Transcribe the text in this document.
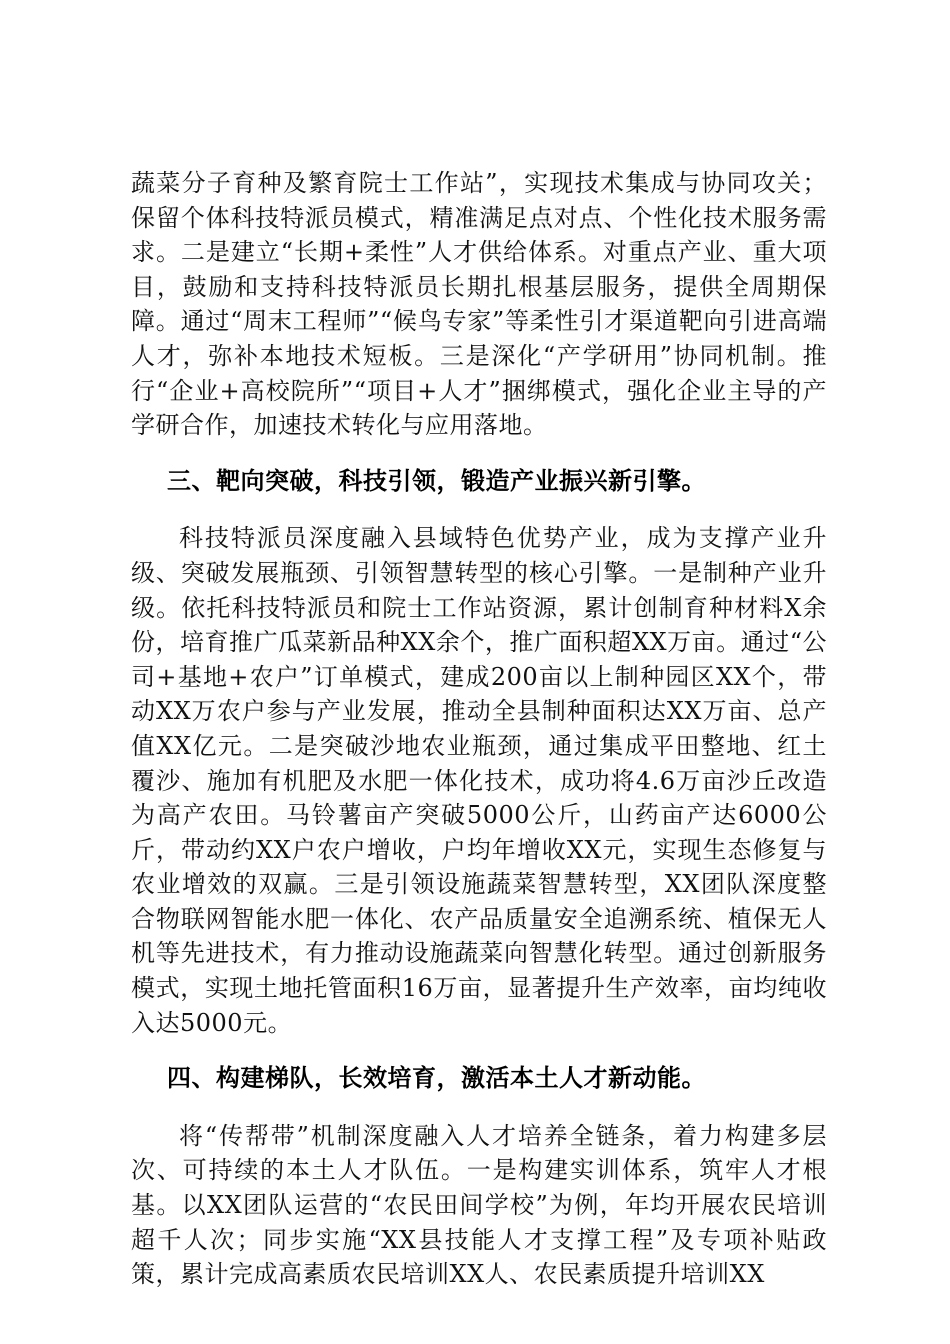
蔬菜分子育种及繁育院士工作站”，实现技术集成与协同攻关；保留个体科技特派员模式，精准满足点对点、个性化技术服务需求。二是建立“长期+柔性”人才供给体系。对重点产业、重大项目，鼓励和支持科技特派员长期扎根基层服务，提供全周期保障。通过“周末工程师”“候鸟专家”等柔性引才渠道靶向引进高端人才，弥补本地技术短板。三是深化“产学研用”协同机制。推行“企业+高校院所”“项目+人才”捆绑模式，强化企业主导的产学研合作，加速技术转化与应用落地。

三、靶向突破，科技引领，锻造产业振兴新引擎。

科技特派员深度融入县域特色优势产业，成为支撑产业升级、突破发展瓶颈、引领智慧转型的核心引擎。一是制种产业升级。依托科技特派员和院士工作站资源，累计创制育种材料X余份，培育推广瓜菜新品种XX余个，推广面积超XX万亩。通过“公司+基地+农户”订单模式，建成200亩以上制种园区XX个，带动XX万农户参与产业发展，推动全县制种面积达XX万亩、总产值XX亿元。二是突破沙地农业瓶颈，通过集成平田整地、红土覆沙、施加有机肥及水肥一体化技术，成功将4.6万亩沙丘改造为高产农田。马铃薯亩产突破5000公斤，山药亩产达6000公斤，带动约XX户农户增收，户均年增收XX元，实现生态修复与农业增效的双赢。三是引领设施蔬菜智慧转型，XX团队深度整合物联网智能水肥一体化、农产品质量安全追溯系统、植保无人机等先进技术，有力推动设施蔬菜向智慧化转型。通过创新服务模式，实现土地托管面积16万亩，显著提升生产效率，亩均纯收入达5000元。

四、构建梯队，长效培育，激活本土人才新动能。

将“传帮带”机制深度融入人才培养全链条，着力构建多层次、可持续的本土人才队伍。一是构建实训体系，筑牢人才根基。以XX团队运营的“农民田间学校”为例，年均开展农民培训超千人次；同步实施“XX县技能人才支撑工程”及专项补贴政策，累计完成高素质农民培训XX人、农民素质提升培训XX
